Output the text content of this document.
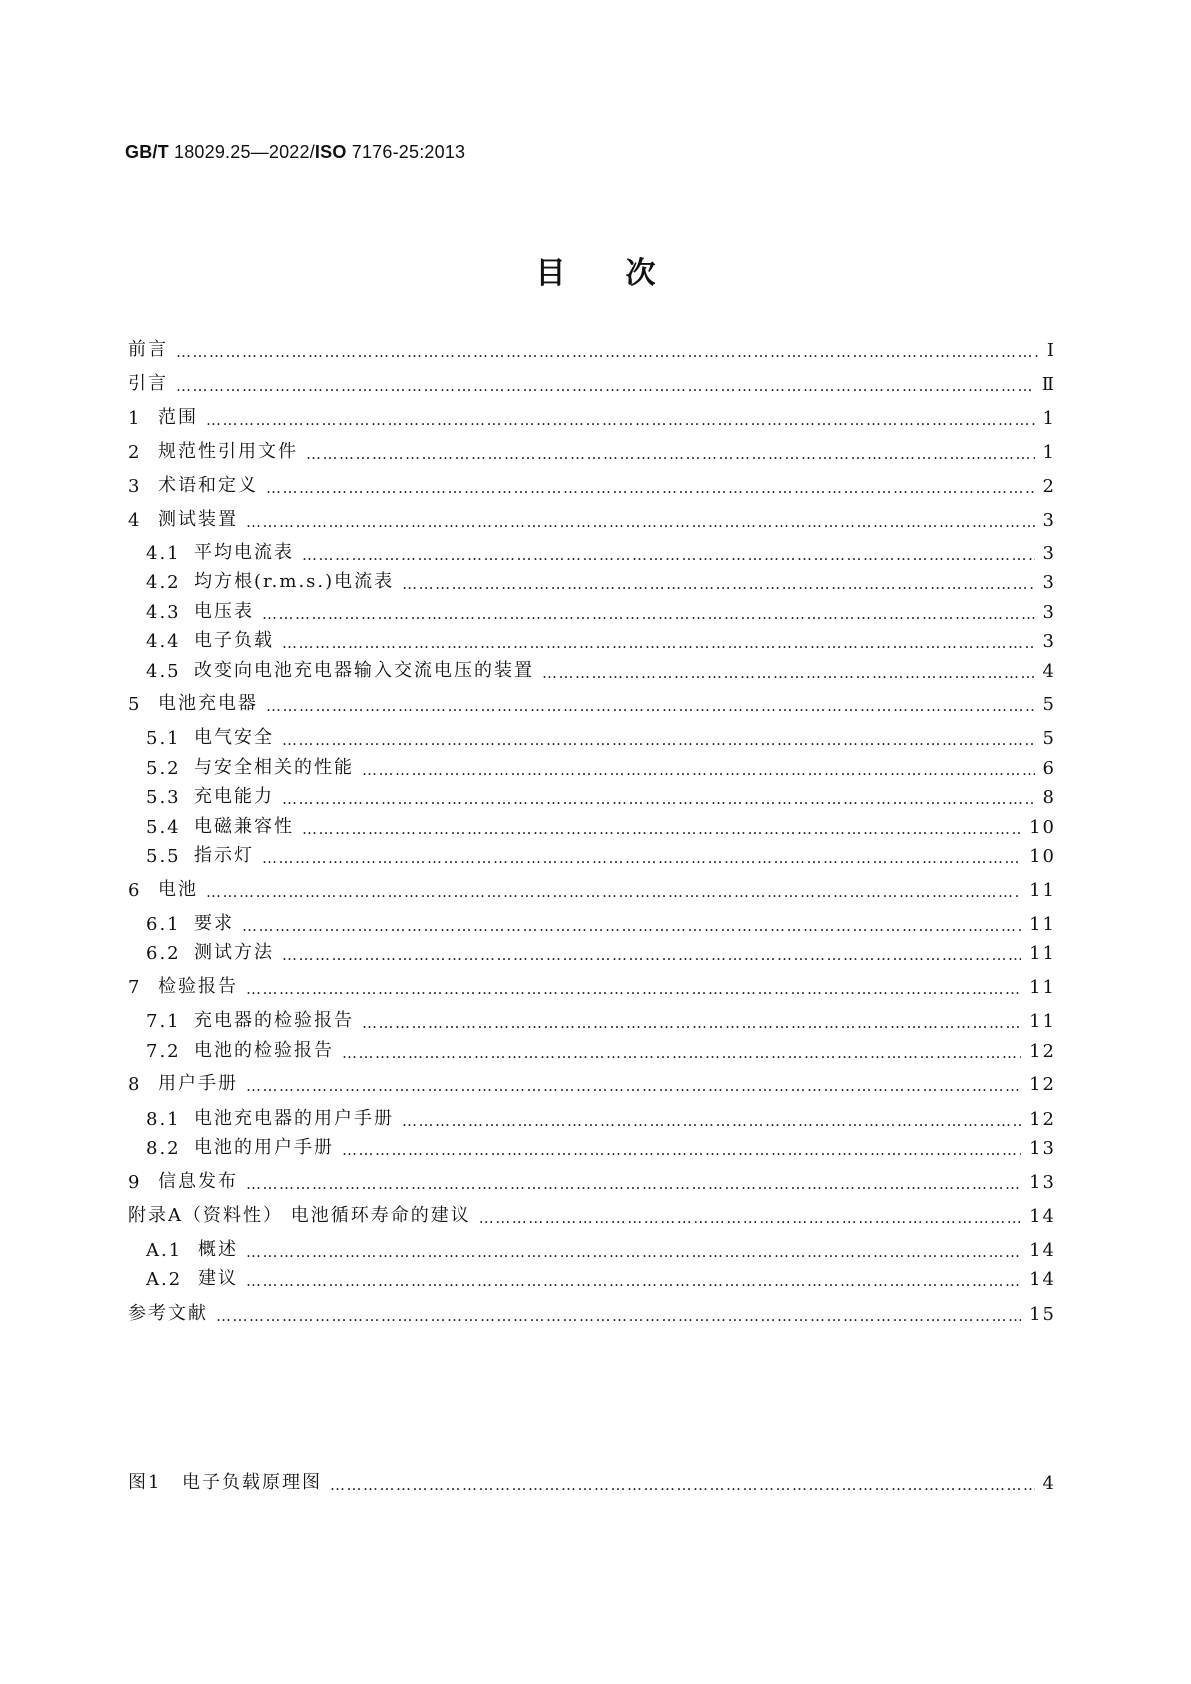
GB/T 18029.25—2022/ISO 7176-25:2013
目次
前言 ……………………………………………………………………………………………………………………………………………………………………………………………………………………………………………………………………………………	Ⅰ
引言 ……………………………………………………………………………………………………………………………………………………………………………………………………………………………………………………………………………………	Ⅱ
1 范围 ……………………………………………………………………………………………………………………………………………………………………………………………………………………………………………………………………………………	1
2 规范性引用文件 ……………………………………………………………………………………………………………………………………………………………………………………………………………………………………………………………………………………	1
3 术语和定义 ……………………………………………………………………………………………………………………………………………………………………………………………………………………………………………………………………………………	2
4 测试装置 ……………………………………………………………………………………………………………………………………………………………………………………………………………………………………………………………………………………	3
4.1 平均电流表 ……………………………………………………………………………………………………………………………………………………………………………………………………………………………………………………………………………………	3
4.2 均方根(r.m.s.)电流表 ……………………………………………………………………………………………………………………………………………………………………………………………………………………………………………………………………………………	3
4.3 电压表 ……………………………………………………………………………………………………………………………………………………………………………………………………………………………………………………………………………………	3
4.4 电子负载 ……………………………………………………………………………………………………………………………………………………………………………………………………………………………………………………………………………………	3
4.5 改变向电池充电器输入交流电压的装置 ……………………………………………………………………………………………………………………………………………………………………………………………………………………………………………………………………………………	4
5 电池充电器 ……………………………………………………………………………………………………………………………………………………………………………………………………………………………………………………………………………………	5
5.1 电气安全 ……………………………………………………………………………………………………………………………………………………………………………………………………………………………………………………………………………………	5
5.2 与安全相关的性能 ……………………………………………………………………………………………………………………………………………………………………………………………………………………………………………………………………………………	6
5.3 充电能力 ……………………………………………………………………………………………………………………………………………………………………………………………………………………………………………………………………………………	8
5.4 电磁兼容性 ……………………………………………………………………………………………………………………………………………………………………………………………………………………………………………………………………………………	10
5.5 指示灯 ……………………………………………………………………………………………………………………………………………………………………………………………………………………………………………………………………………………	10
6 电池 ……………………………………………………………………………………………………………………………………………………………………………………………………………………………………………………………………………………	11
6.1 要求 ……………………………………………………………………………………………………………………………………………………………………………………………………………………………………………………………………………………	11
6.2 测试方法 ……………………………………………………………………………………………………………………………………………………………………………………………………………………………………………………………………………………	11
7 检验报告 ……………………………………………………………………………………………………………………………………………………………………………………………………………………………………………………………………………………	11
7.1 充电器的检验报告 ……………………………………………………………………………………………………………………………………………………………………………………………………………………………………………………………………………………	11
7.2 电池的检验报告 ……………………………………………………………………………………………………………………………………………………………………………………………………………………………………………………………………………………	12
8 用户手册 ……………………………………………………………………………………………………………………………………………………………………………………………………………………………………………………………………………………	12
8.1 电池充电器的用户手册 ……………………………………………………………………………………………………………………………………………………………………………………………………………………………………………………………………………………	12
8.2 电池的用户手册 ……………………………………………………………………………………………………………………………………………………………………………………………………………………………………………………………………………………	13
9 信息发布 ……………………………………………………………………………………………………………………………………………………………………………………………………………………………………………………………………………………	13
附录A（资料性） 电池循环寿命的建议 ……………………………………………………………………………………………………………………………………………………………………………………………………………………………………………………………………………………	14
A.1 概述 ……………………………………………………………………………………………………………………………………………………………………………………………………………………………………………………………………………………	14
A.2 建议 ……………………………………………………………………………………………………………………………………………………………………………………………………………………………………………………………………………………	14
参考文献 ……………………………………………………………………………………………………………………………………………………………………………………………………………………………………………………………………………………	15
图1	电子负载原理图 ……………………………………………………………………………………………………………………………………………………………………………………………………………………………………………………………………………………	4
